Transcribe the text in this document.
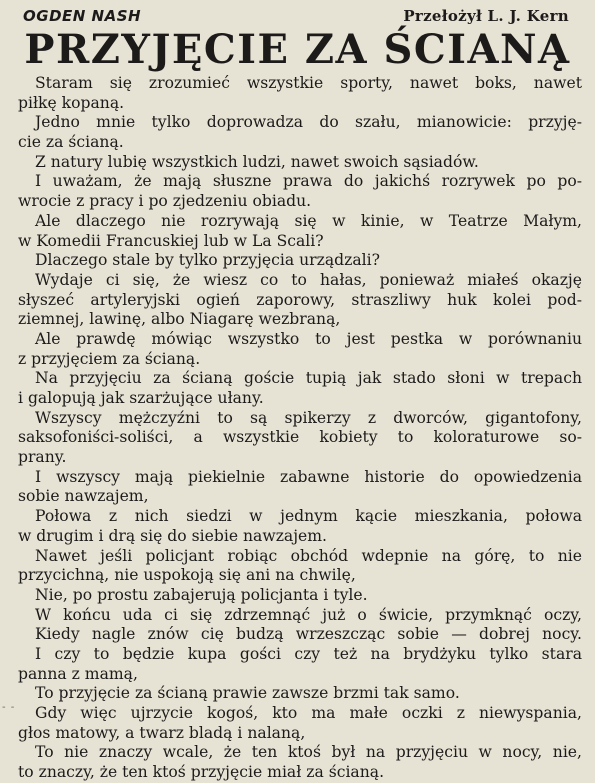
OGDEN NASH	Przełożył L. J. Kern
PRZYJĘCIE ZA ŚCIANĄ
Staram się zrozumieć wszystkie sporty, nawet boks, nawet
piłkę kopaną.
Jedno mnie tylko doprowadza do szału, mianowicie: przyję-
cie za ścianą.
Z natury lubię wszystkich ludzi, nawet swoich sąsiadów.
I uważam, że mają słuszne prawa do jakichś rozrywek po po-
wrocie z pracy i po zjedzeniu obiadu.
Ale dlaczego nie rozrywają się w kinie, w Teatrze Małym,
w Komedii Francuskiej lub w La Scali?
Dlaczego stale by tylko przyjęcia urządzali?
Wydaje ci się, że wiesz co to hałas, ponieważ miałeś okazję
słyszeć artyleryjski ogień zaporowy, straszliwy huk kolei pod-
ziemnej, lawinę, albo Niagarę wezbraną,
Ale prawdę mówiąc wszystko to jest pestka w porównaniu
z przyjęciem za ścianą.
Na przyjęciu za ścianą goście tupią jak stado słoni w trepach
i galopują jak szarżujące ułany.
Wszyscy mężczyźni to są spikerzy z dworców, gigantofony,
saksofoniści-soliści, a wszystkie kobiety to koloraturowe so-
prany.
I wszyscy mają piekielnie zabawne historie do opowiedzenia
sobie nawzajem,
Połowa z nich siedzi w jednym kącie mieszkania, połowa
w drugim i drą się do siebie nawzajem.
Nawet jeśli policjant robiąc obchód wdepnie na górę, to nie
przycichną, nie uspokoją się ani na chwilę,
Nie, po prostu zabajerują policjanta i tyle.
W końcu uda ci się zdrzemnąć już o świcie, przymknąć oczy,
Kiedy nagle znów cię budzą wrzeszcząc sobie — dobrej nocy.
I czy to będzie kupa gości czy też na brydżyku tylko stara
panna z mamą,
To przyjęcie za ścianą prawie zawsze brzmi tak samo.
Gdy więc ujrzycie kogoś, kto ma małe oczki z niewyspania,
głos matowy, a twarz bladą i nalaną,
To nie znaczy wcale, że ten ktoś był na przyjęciu w nocy, nie,
to znaczy, że ten ktoś przyjęcie miał za ścianą.
- -
